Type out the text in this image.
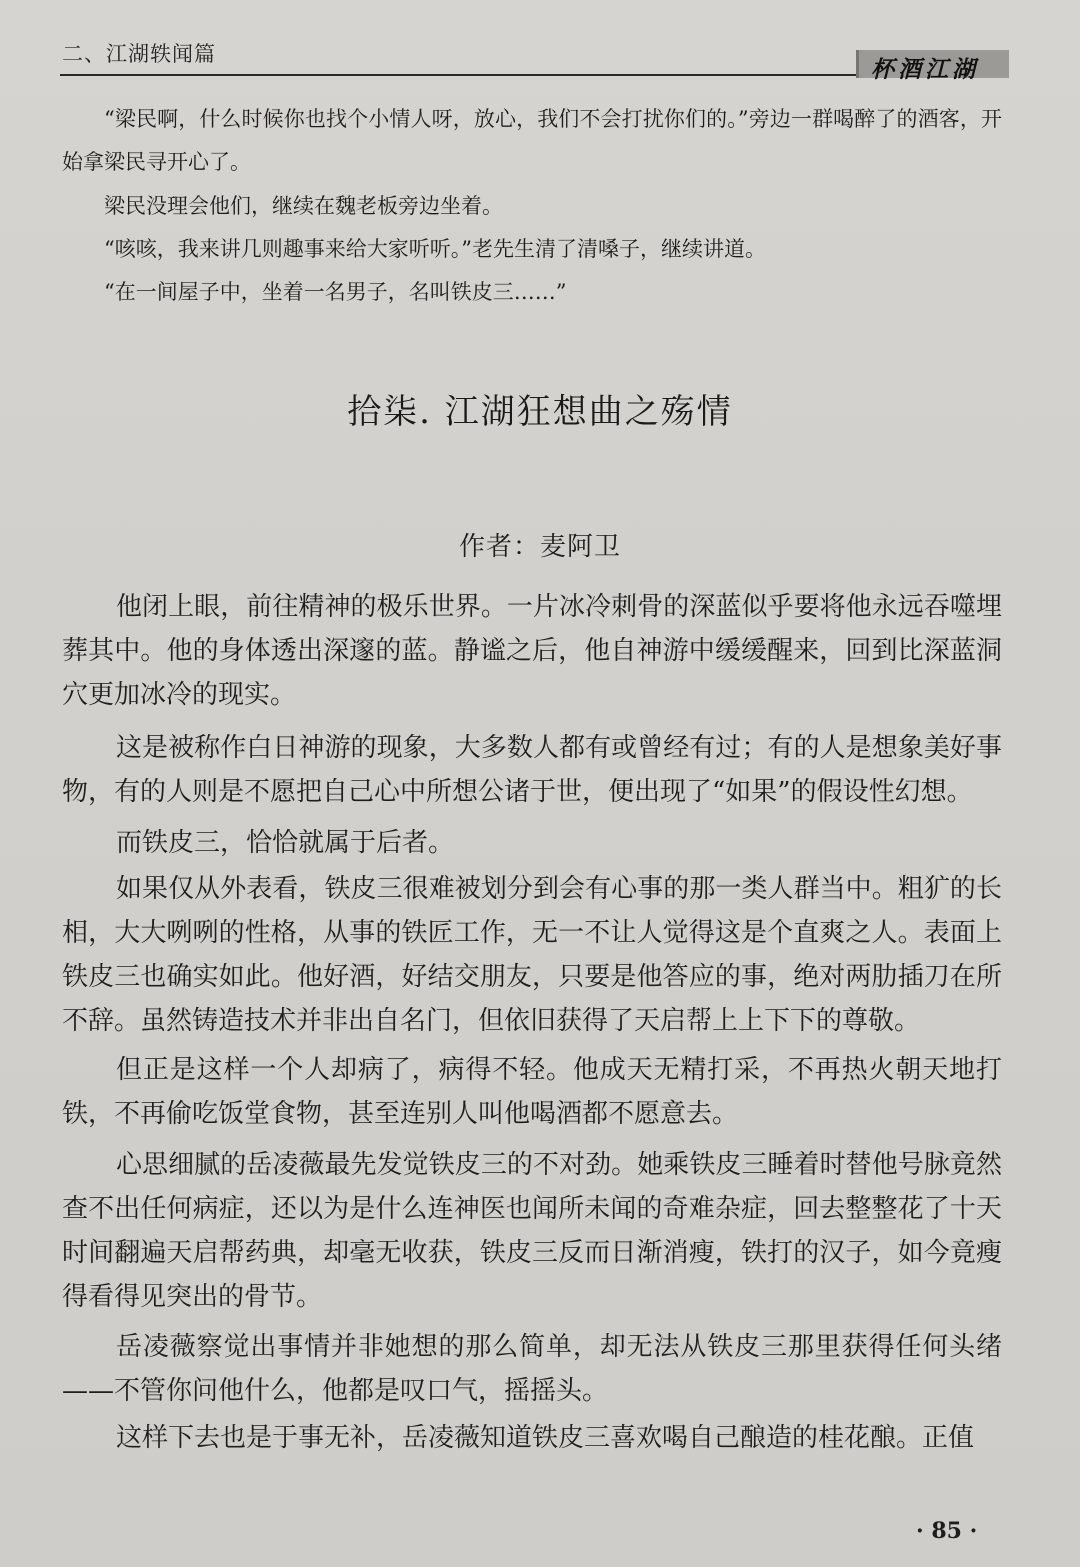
二、江湖轶闻篇
杯酒江湖

“梁民啊，什么时候你也找个小情人呀，放心，我们不会打扰你们的。”旁边一群喝醉了的酒客，开始拿梁民寻开心了。

梁民没理会他们，继续在魏老板旁边坐着。

“咳咳，我来讲几则趣事来给大家听听。”老先生清了清嗓子，继续讲道。

“在一间屋子中，坐着一名男子，名叫铁皮三……”

拾柒. 江湖狂想曲之殇情
作者：麦阿卫

他闭上眼，前往精神的极乐世界。一片冰冷刺骨的深蓝似乎要将他永远吞噬埋葬其中。他的身体透出深邃的蓝。静谧之后，他自神游中缓缓醒来，回到比深蓝洞穴更加冰冷的现实。

这是被称作白日神游的现象，大多数人都有或曾经有过；有的人是想象美好事物，有的人则是不愿把自己心中所想公诸于世，便出现了“如果”的假设性幻想。

而铁皮三，恰恰就属于后者。

如果仅从外表看，铁皮三很难被划分到会有心事的那一类人群当中。粗犷的长相，大大咧咧的性格，从事的铁匠工作，无一不让人觉得这是个直爽之人。表面上铁皮三也确实如此。他好酒，好结交朋友，只要是他答应的事，绝对两肋插刀在所不辞。虽然铸造技术并非出自名门，但依旧获得了天启帮上上下下的尊敬。

但正是这样一个人却病了，病得不轻。他成天无精打采，不再热火朝天地打铁，不再偷吃饭堂食物，甚至连别人叫他喝酒都不愿意去。

心思细腻的岳凌薇最先发觉铁皮三的不对劲。她乘铁皮三睡着时替他号脉竟然查不出任何病症，还以为是什么连神医也闻所未闻的奇难杂症，回去整整花了十天时间翻遍天启帮药典，却毫无收获，铁皮三反而日渐消瘦，铁打的汉子，如今竟瘦得看得见突出的骨节。

岳凌薇察觉出事情并非她想的那么简单，却无法从铁皮三那里获得任何头绪——不管你问他什么，他都是叹口气，摇摇头。

这样下去也是于事无补，岳凌薇知道铁皮三喜欢喝自己酿造的桂花酿。正值

· 85 ·
